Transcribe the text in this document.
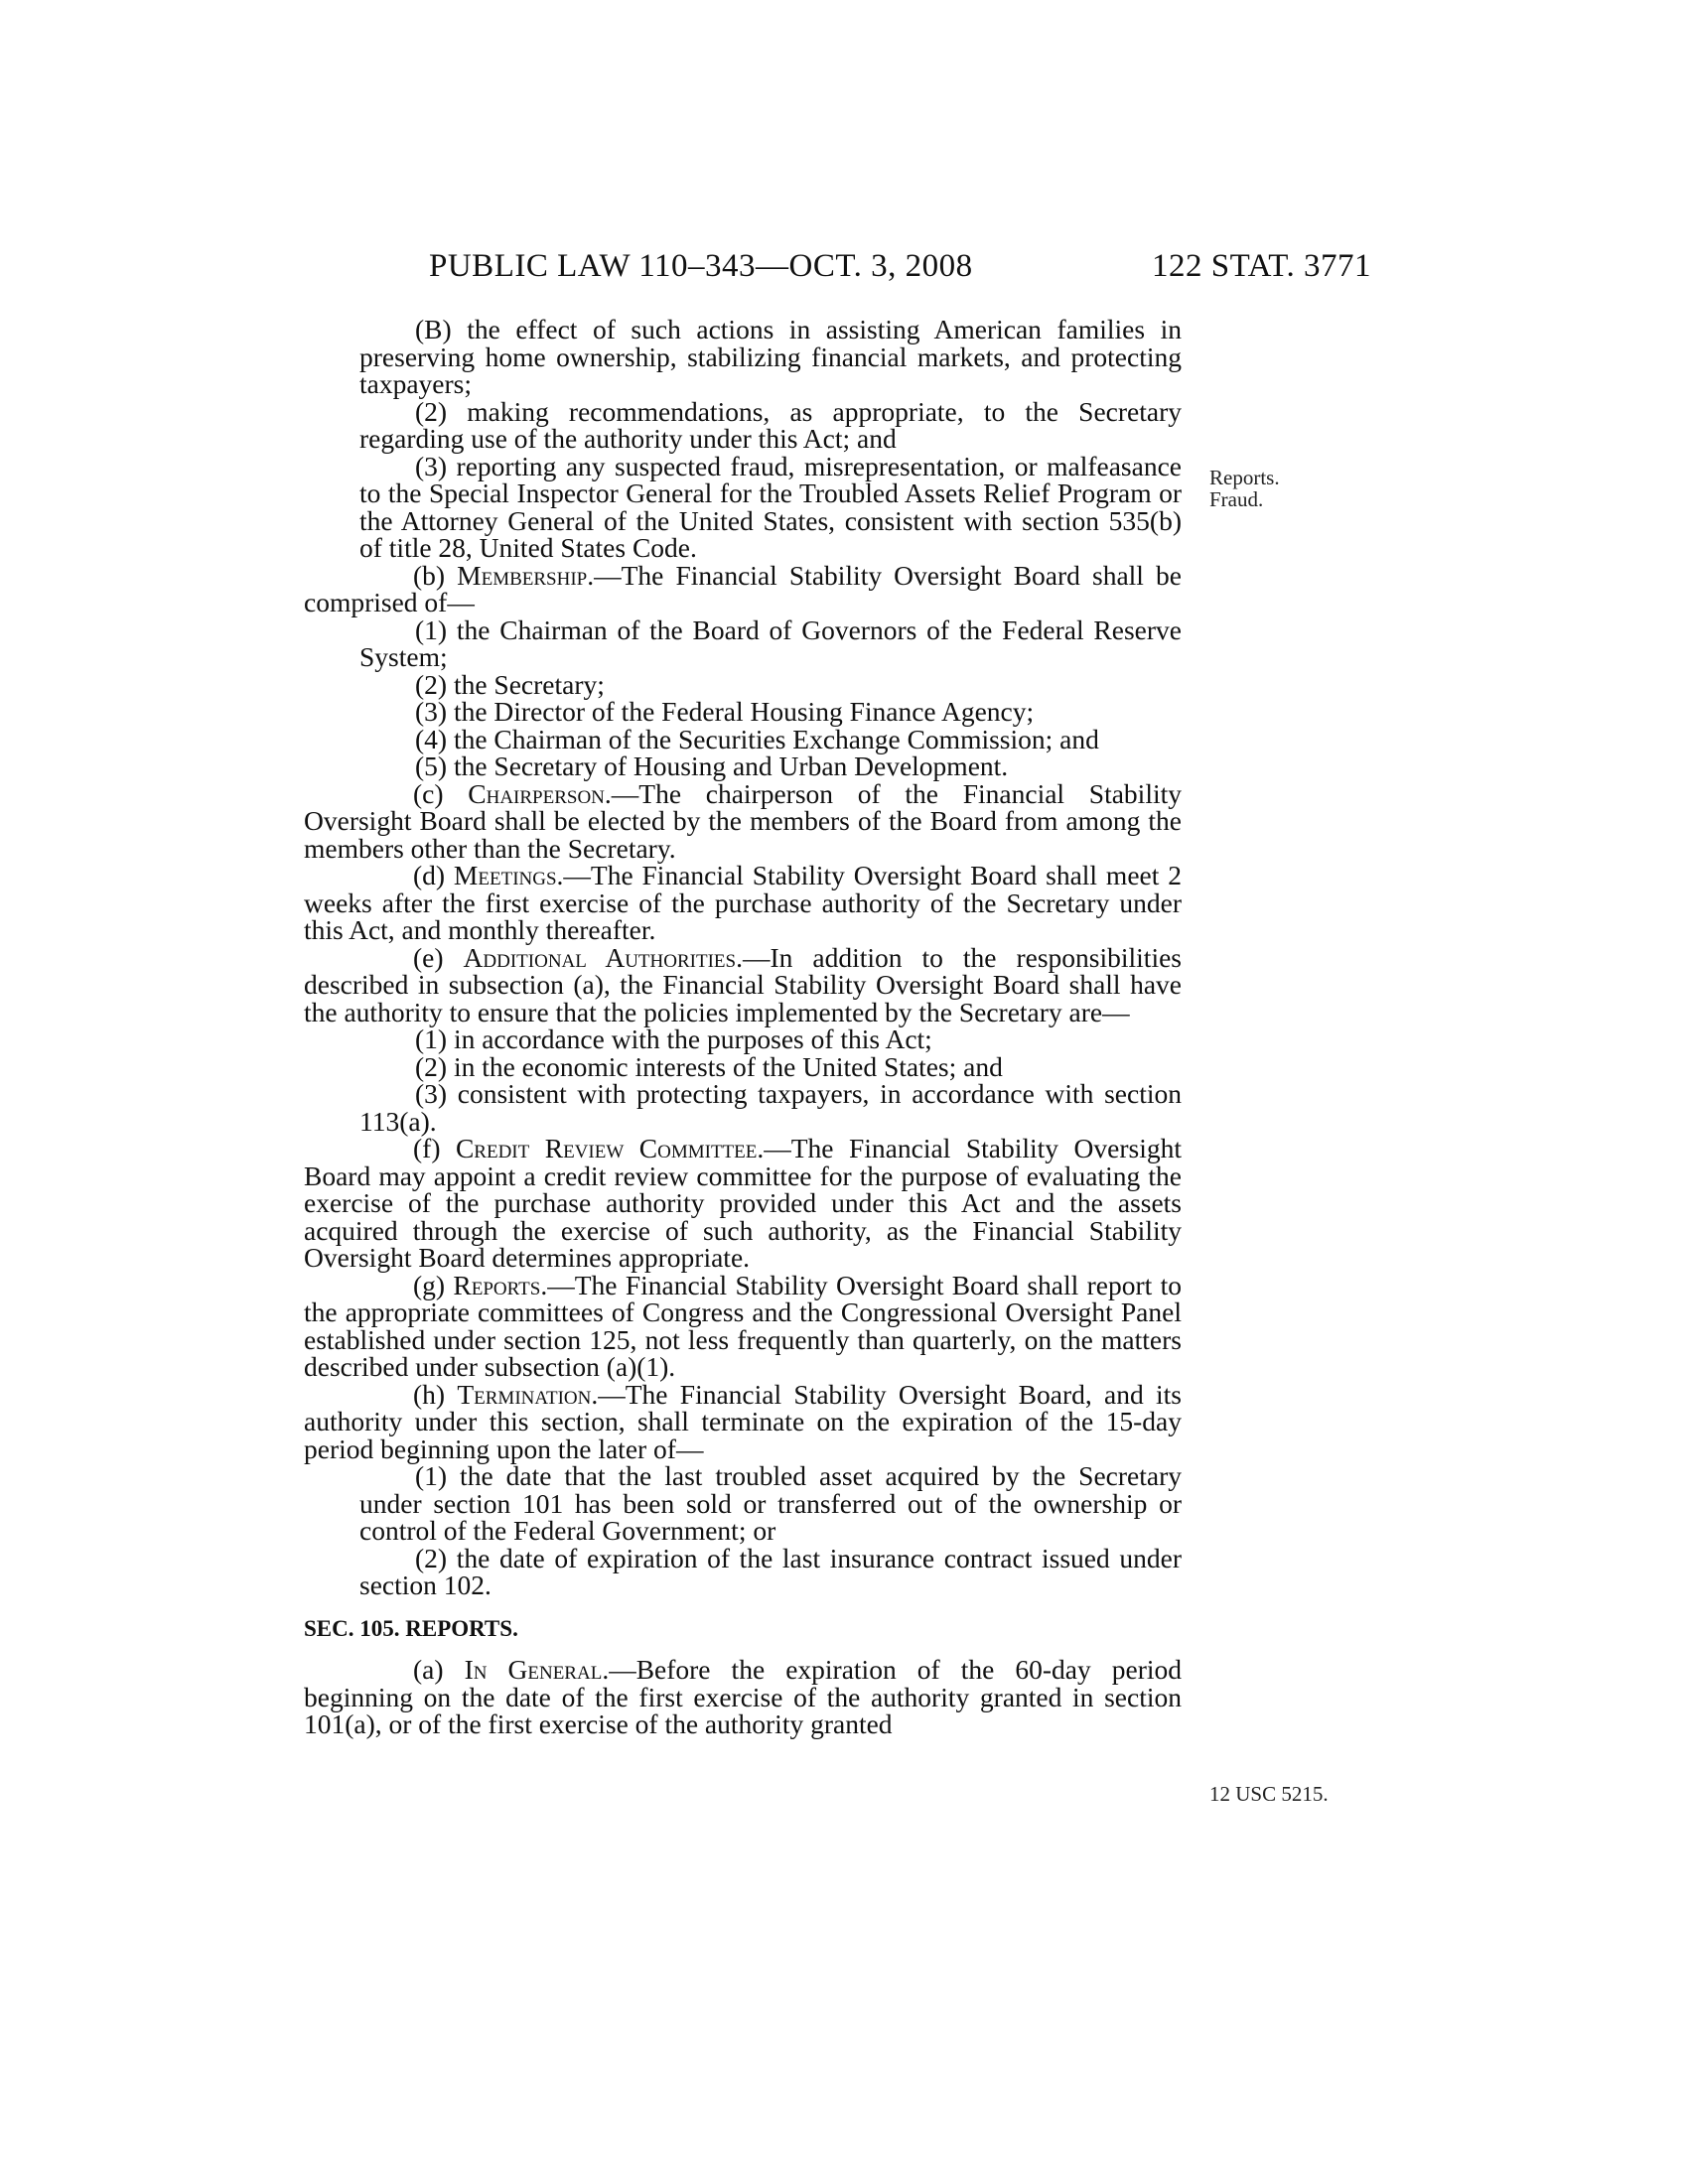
PUBLIC LAW 110–343—OCT. 3, 2008	122 STAT. 3771
Reports.
Fraud.
12 USC 5215.

(B) the effect of such actions in assisting American families in preserving home ownership, stabilizing financial markets, and protecting taxpayers;

(2) making recommendations, as appropriate, to the Secretary regarding use of the authority under this Act; and

(3) reporting any suspected fraud, misrepresentation, or malfeasance to the Special Inspector General for the Troubled Assets Relief Program or the Attorney General of the United States, consistent with section 535(b) of title 28, United States Code.

(b) Membership.—The Financial Stability Oversight Board shall be comprised of—

(1) the Chairman of the Board of Governors of the Federal Reserve System;

(2) the Secretary;

(3) the Director of the Federal Housing Finance Agency;

(4) the Chairman of the Securities Exchange Commission; and

(5) the Secretary of Housing and Urban Development.

(c) Chairperson.—The chairperson of the Financial Stability Oversight Board shall be elected by the members of the Board from among the members other than the Secretary.

(d) Meetings.—The Financial Stability Oversight Board shall meet 2 weeks after the first exercise of the purchase authority of the Secretary under this Act, and monthly thereafter.

(e) Additional Authorities.—In addition to the responsibilities described in subsection (a), the Financial Stability Oversight Board shall have the authority to ensure that the policies implemented by the Secretary are—

(1) in accordance with the purposes of this Act;

(2) in the economic interests of the United States; and

(3) consistent with protecting taxpayers, in accordance with section 113(a).

(f) Credit Review Committee.—The Financial Stability Oversight Board may appoint a credit review committee for the purpose of evaluating the exercise of the purchase authority provided under this Act and the assets acquired through the exercise of such authority, as the Financial Stability Oversight Board determines appropriate.

(g) Reports.—The Financial Stability Oversight Board shall report to the appropriate committees of Congress and the Congressional Oversight Panel established under section 125, not less frequently than quarterly, on the matters described under subsection (a)(1).

(h) Termination.—The Financial Stability Oversight Board, and its authority under this section, shall terminate on the expiration of the 15-day period beginning upon the later of—

(1) the date that the last troubled asset acquired by the Secretary under section 101 has been sold or transferred out of the ownership or control of the Federal Government; or

(2) the date of expiration of the last insurance contract issued under section 102.

SEC. 105. REPORTS.

(a) In General.—Before the expiration of the 60-day period beginning on the date of the first exercise of the authority granted in section 101(a), or of the first exercise of the authority granted
